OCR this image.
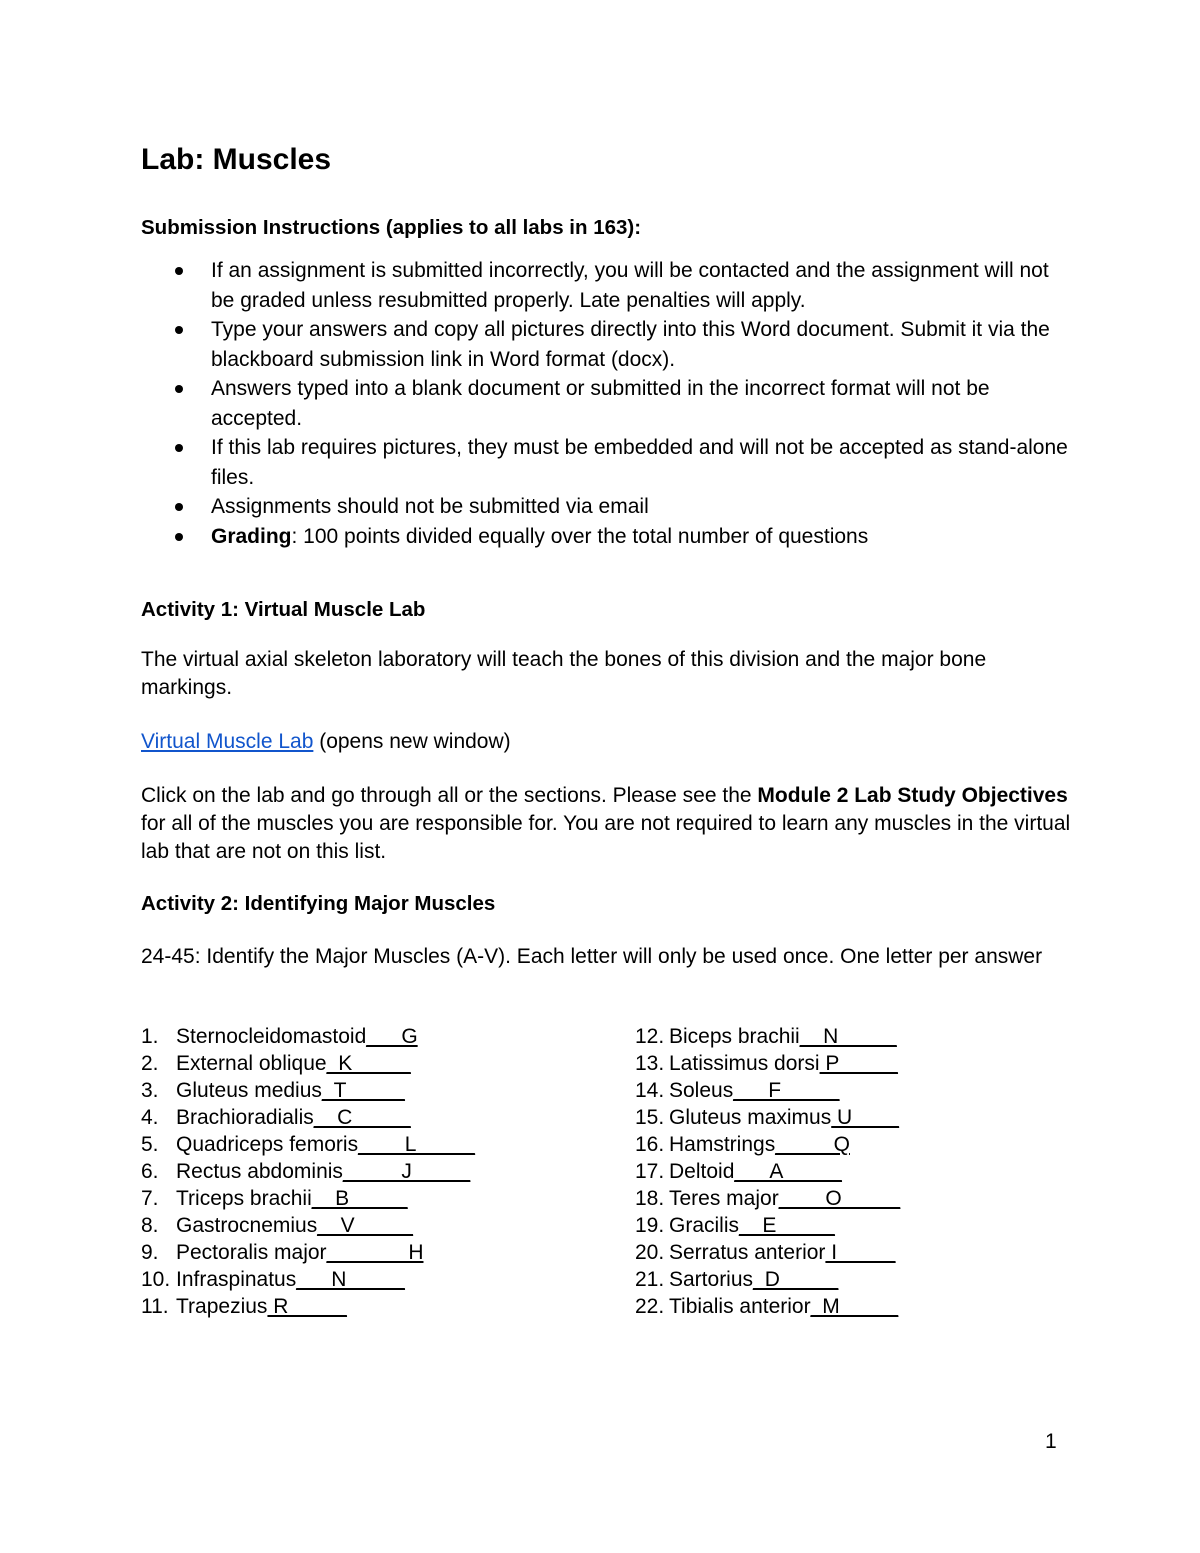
Lab: Muscles
Submission Instructions (applies to all labs in 163):
If an assignment is submitted incorrectly, you will be contacted and the assignment will not be graded unless resubmitted properly. Late penalties will apply.
Type your answers and copy all pictures directly into this Word document. Submit it via the blackboard submission link in Word format (docx).
Answers typed into a blank document or submitted in the incorrect format will not be accepted.
If this lab requires pictures, they must be embedded and will not be accepted as stand-alone files.
Assignments should not be submitted via email
Grading: 100 points divided equally over the total number of questions
Activity 1: Virtual Muscle Lab

The virtual axial skeleton laboratory will teach the bones of this division and the major bone markings.

Virtual Muscle Lab (opens new window)

Click on the lab and go through all or the sections. Please see the Module 2 Lab Study Objectives for all of the muscles you are responsible for. You are not required to learn any muscles in the virtual lab that are not on this list.

Activity 2: Identifying Major Muscles

24-45: Identify the Major Muscles (A-V). Each letter will only be used once. One letter per answer

1. Sternocleidomastoid ___G
2. External oblique _K_____
3. Gluteus medius _T_____
4. Brachioradialis __C_____
5. Quadriceps femoris ____L_____
6. Rectus abdominis _____J_____
7. Triceps brachii __B_____
8. Gastrocnemius __V_____
9. Pectoralis major _______H
10. Infraspinatus ___N_____
11. Trapezius R_____
12. Biceps brachii __N_____
13. Latissimus dorsi P_____
14. Soleus ___F_____
15. Gluteus maximus U____
16. Hamstrings _____Q
17. Deltoid ___A_____
18. Teres major ____O_____
19. Gracilis __E_____
20. Serratus anterior I_____
21. Sartorius _D_____
22. Tibialis anterior _M_____
1
